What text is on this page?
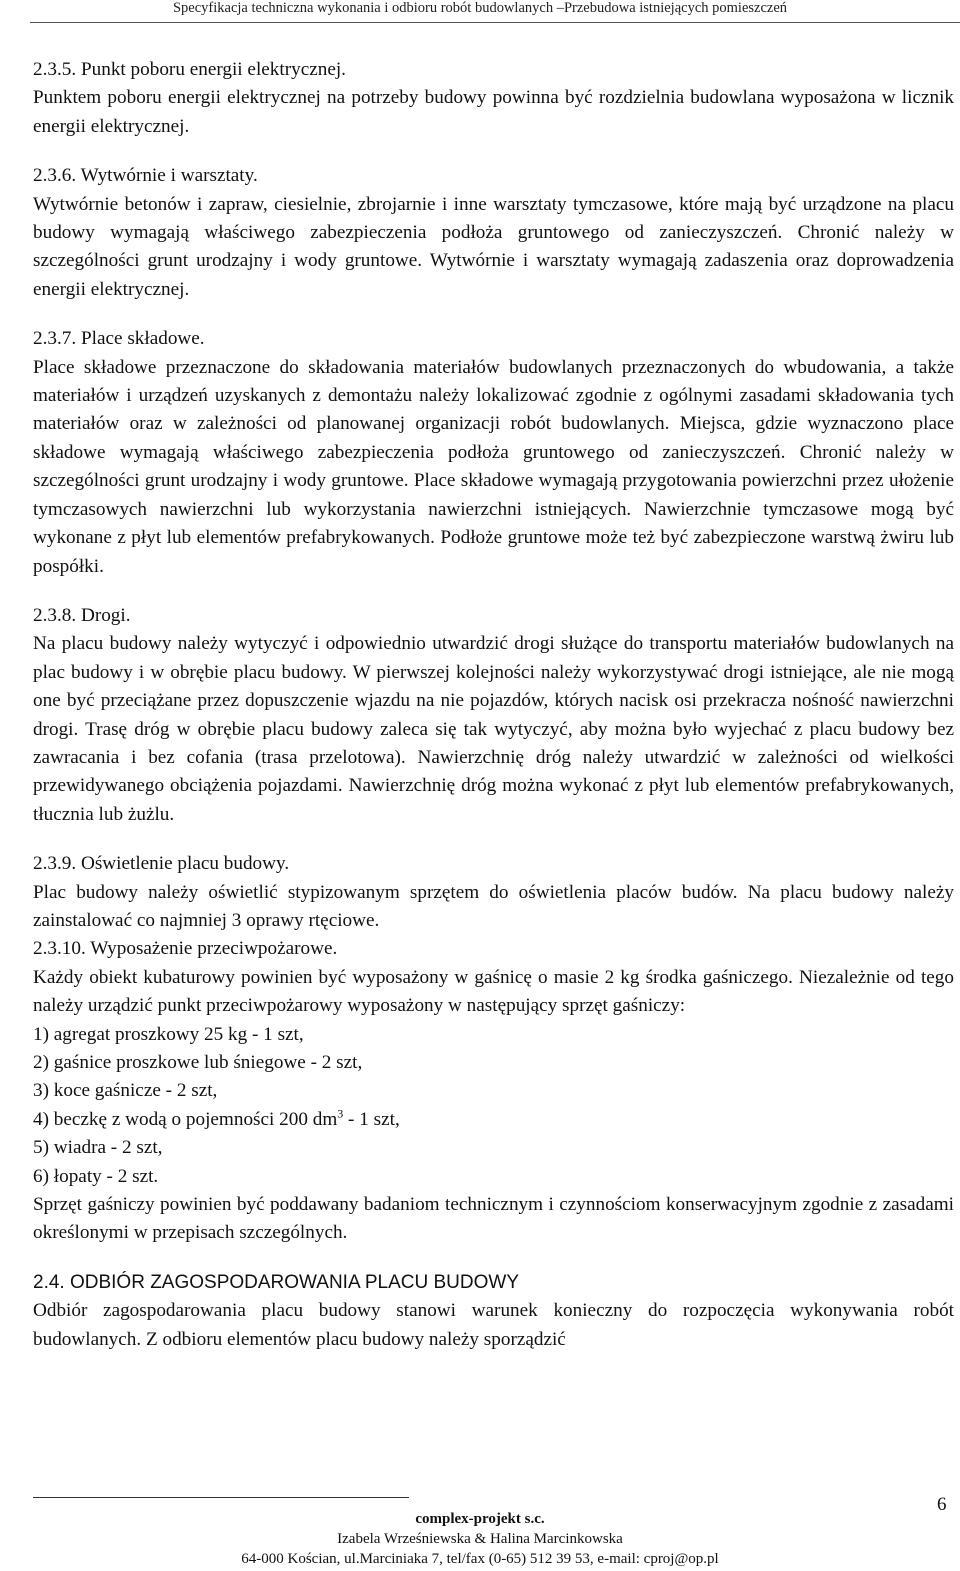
Specyfikacja techniczna wykonania i odbioru robót budowlanych –Przebudowa istniejących pomieszczeń

2.3.5. Punkt poboru energii elektrycznej.

Punktem poboru energii elektrycznej na potrzeby budowy powinna być rozdzielnia budowlana wyposażona w licznik energii elektrycznej.

2.3.6. Wytwórnie i warsztaty.

Wytwórnie betonów i zapraw, ciesielnie, zbrojarnie i inne warsztaty tymczasowe, które mają być urządzone na placu budowy wymagają właściwego zabezpieczenia podłoża gruntowego od zanieczyszczeń. Chronić należy w szczególności grunt urodzajny i wody gruntowe. Wytwórnie i warsztaty wymagają zadaszenia oraz doprowadzenia energii elektrycznej.

2.3.7. Place składowe.

Place składowe przeznaczone do składowania materiałów budowlanych przeznaczonych do wbudowania, a także materiałów i urządzeń uzyskanych z demontażu należy lokalizować zgodnie z ogólnymi zasadami składowania tych materiałów oraz w zależności od planowanej organizacji robót budowlanych. Miejsca, gdzie wyznaczono place składowe wymagają właściwego zabezpieczenia podłoża gruntowego od zanieczyszczeń. Chronić należy w szczególności grunt urodzajny i wody gruntowe. Place składowe wymagają przygotowania powierzchni przez ułożenie tymczasowych nawierzchni lub wykorzystania nawierzchni istniejących. Nawierzchnie tymczasowe mogą być wykonane z płyt lub elementów prefabrykowanych. Podłoże gruntowe może też być zabezpieczone warstwą żwiru lub pospółki.

2.3.8. Drogi.

Na placu budowy należy wytyczyć i odpowiednio utwardzić drogi służące do transportu materiałów budowlanych na plac budowy i w obrębie placu budowy. W pierwszej kolejności należy wykorzystywać drogi istniejące, ale nie mogą one być przeciążane przez dopuszczenie wjazdu na nie pojazdów, których nacisk osi przekracza nośność nawierzchni drogi. Trasę dróg w obrębie placu budowy zaleca się tak wytyczyć, aby można było wyjechać z placu budowy bez zawracania i bez cofania (trasa przelotowa). Nawierzchnię dróg należy utwardzić w zależności od wielkości przewidywanego obciążenia pojazdami. Nawierzchnię dróg można wykonać z płyt lub elementów prefabrykowanych, tłucznia lub żużlu.

2.3.9. Oświetlenie placu budowy.

Plac budowy należy oświetlić stypizowanym sprzętem do oświetlenia placów budów. Na placu budowy należy zainstalować co najmniej 3 oprawy rtęciowe.

2.3.10. Wyposażenie przeciwpożarowe.

Każdy obiekt kubaturowy powinien być wyposażony w gaśnicę o masie 2 kg środka gaśniczego. Niezależnie od tego należy urządzić punkt przeciwpożarowy wyposażony w następujący sprzęt gaśniczy:

1) agregat proszkowy 25 kg - 1 szt,
2) gaśnice proszkowe lub śniegowe - 2 szt,
3) koce gaśnicze - 2 szt,
4) beczkę z wodą o pojemności 200 $dm^3 - 1$ szt,
5) wiadra - 2 szt,
6) łopaty - 2 szt.

Sprzęt gaśniczy powinien być poddawany badaniom technicznym i czynnościom konserwacyjnym zgodnie z zasadami określonymi w przepisach szczególnych.

2.4. ODBIÓR ZAGOSPODAROWANIA PLACU BUDOWY

Odbiór zagospodarowania placu budowy stanowi warunek konieczny do rozpoczęcia wykonywania robót budowlanych. Z odbioru elementów placu budowy należy sporządzić

6
complex-projekt s.c.
Izabela Wrześniewska & Halina Marcinkowska
64-000 Kościan, ul.Marciniaka 7, tel/fax (0-65) 512 39 53, e-mail: cproj@op.pl
